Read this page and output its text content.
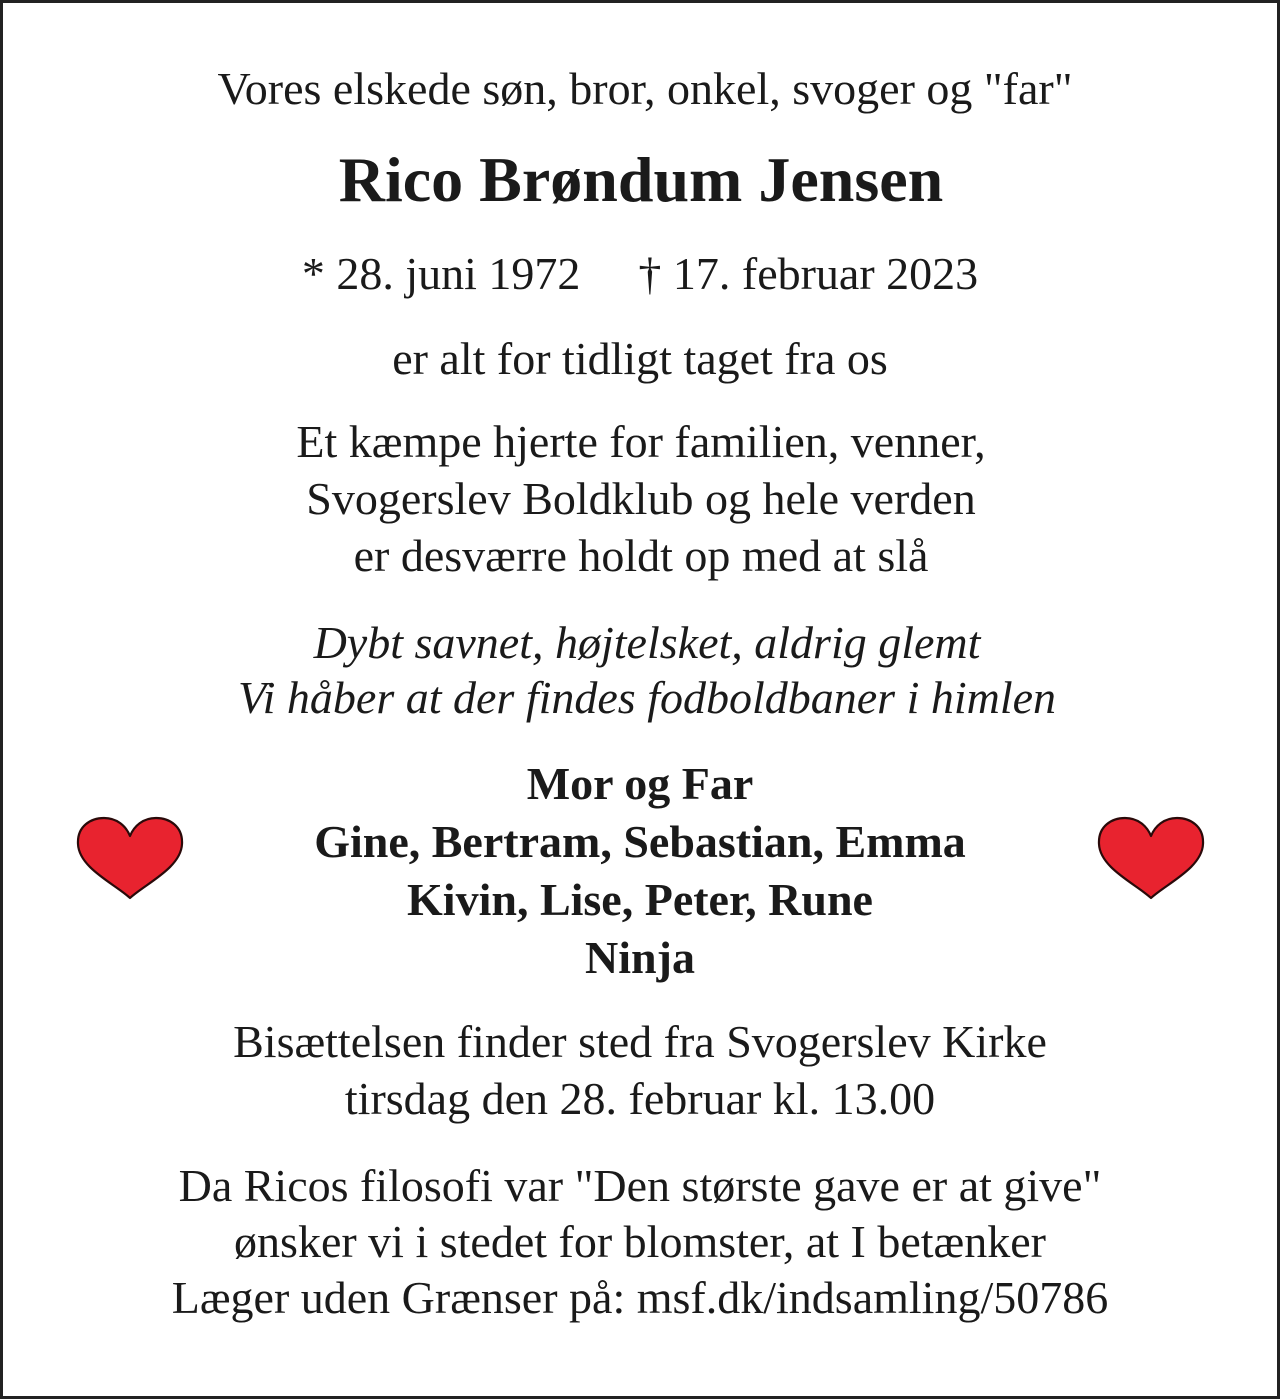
Vores elskede søn, bror, onkel, svoger og "far"
Rico Brøndum Jensen
* 28. juni 1972 † 17. februar 2023
er alt for tidligt taget fra os
Et kæmpe hjerte for familien, venner,
Svogerslev Boldklub og hele verden
er desværre holdt op med at slå
Dybt savnet, højtelsket, aldrig glemt
Vi håber at der findes fodboldbaner i himlen
Mor og Far
Gine, Bertram, Sebastian, Emma
Kivin, Lise, Peter, Rune
Ninja
Bisættelsen finder sted fra Svogerslev Kirke
tirsdag den 28. februar kl. 13.00
Da Ricos filosofi var "Den største gave er at give"
ønsker vi i stedet for blomster, at I betænker
Læger uden Grænser på: msf.dk/indsamling/50786
